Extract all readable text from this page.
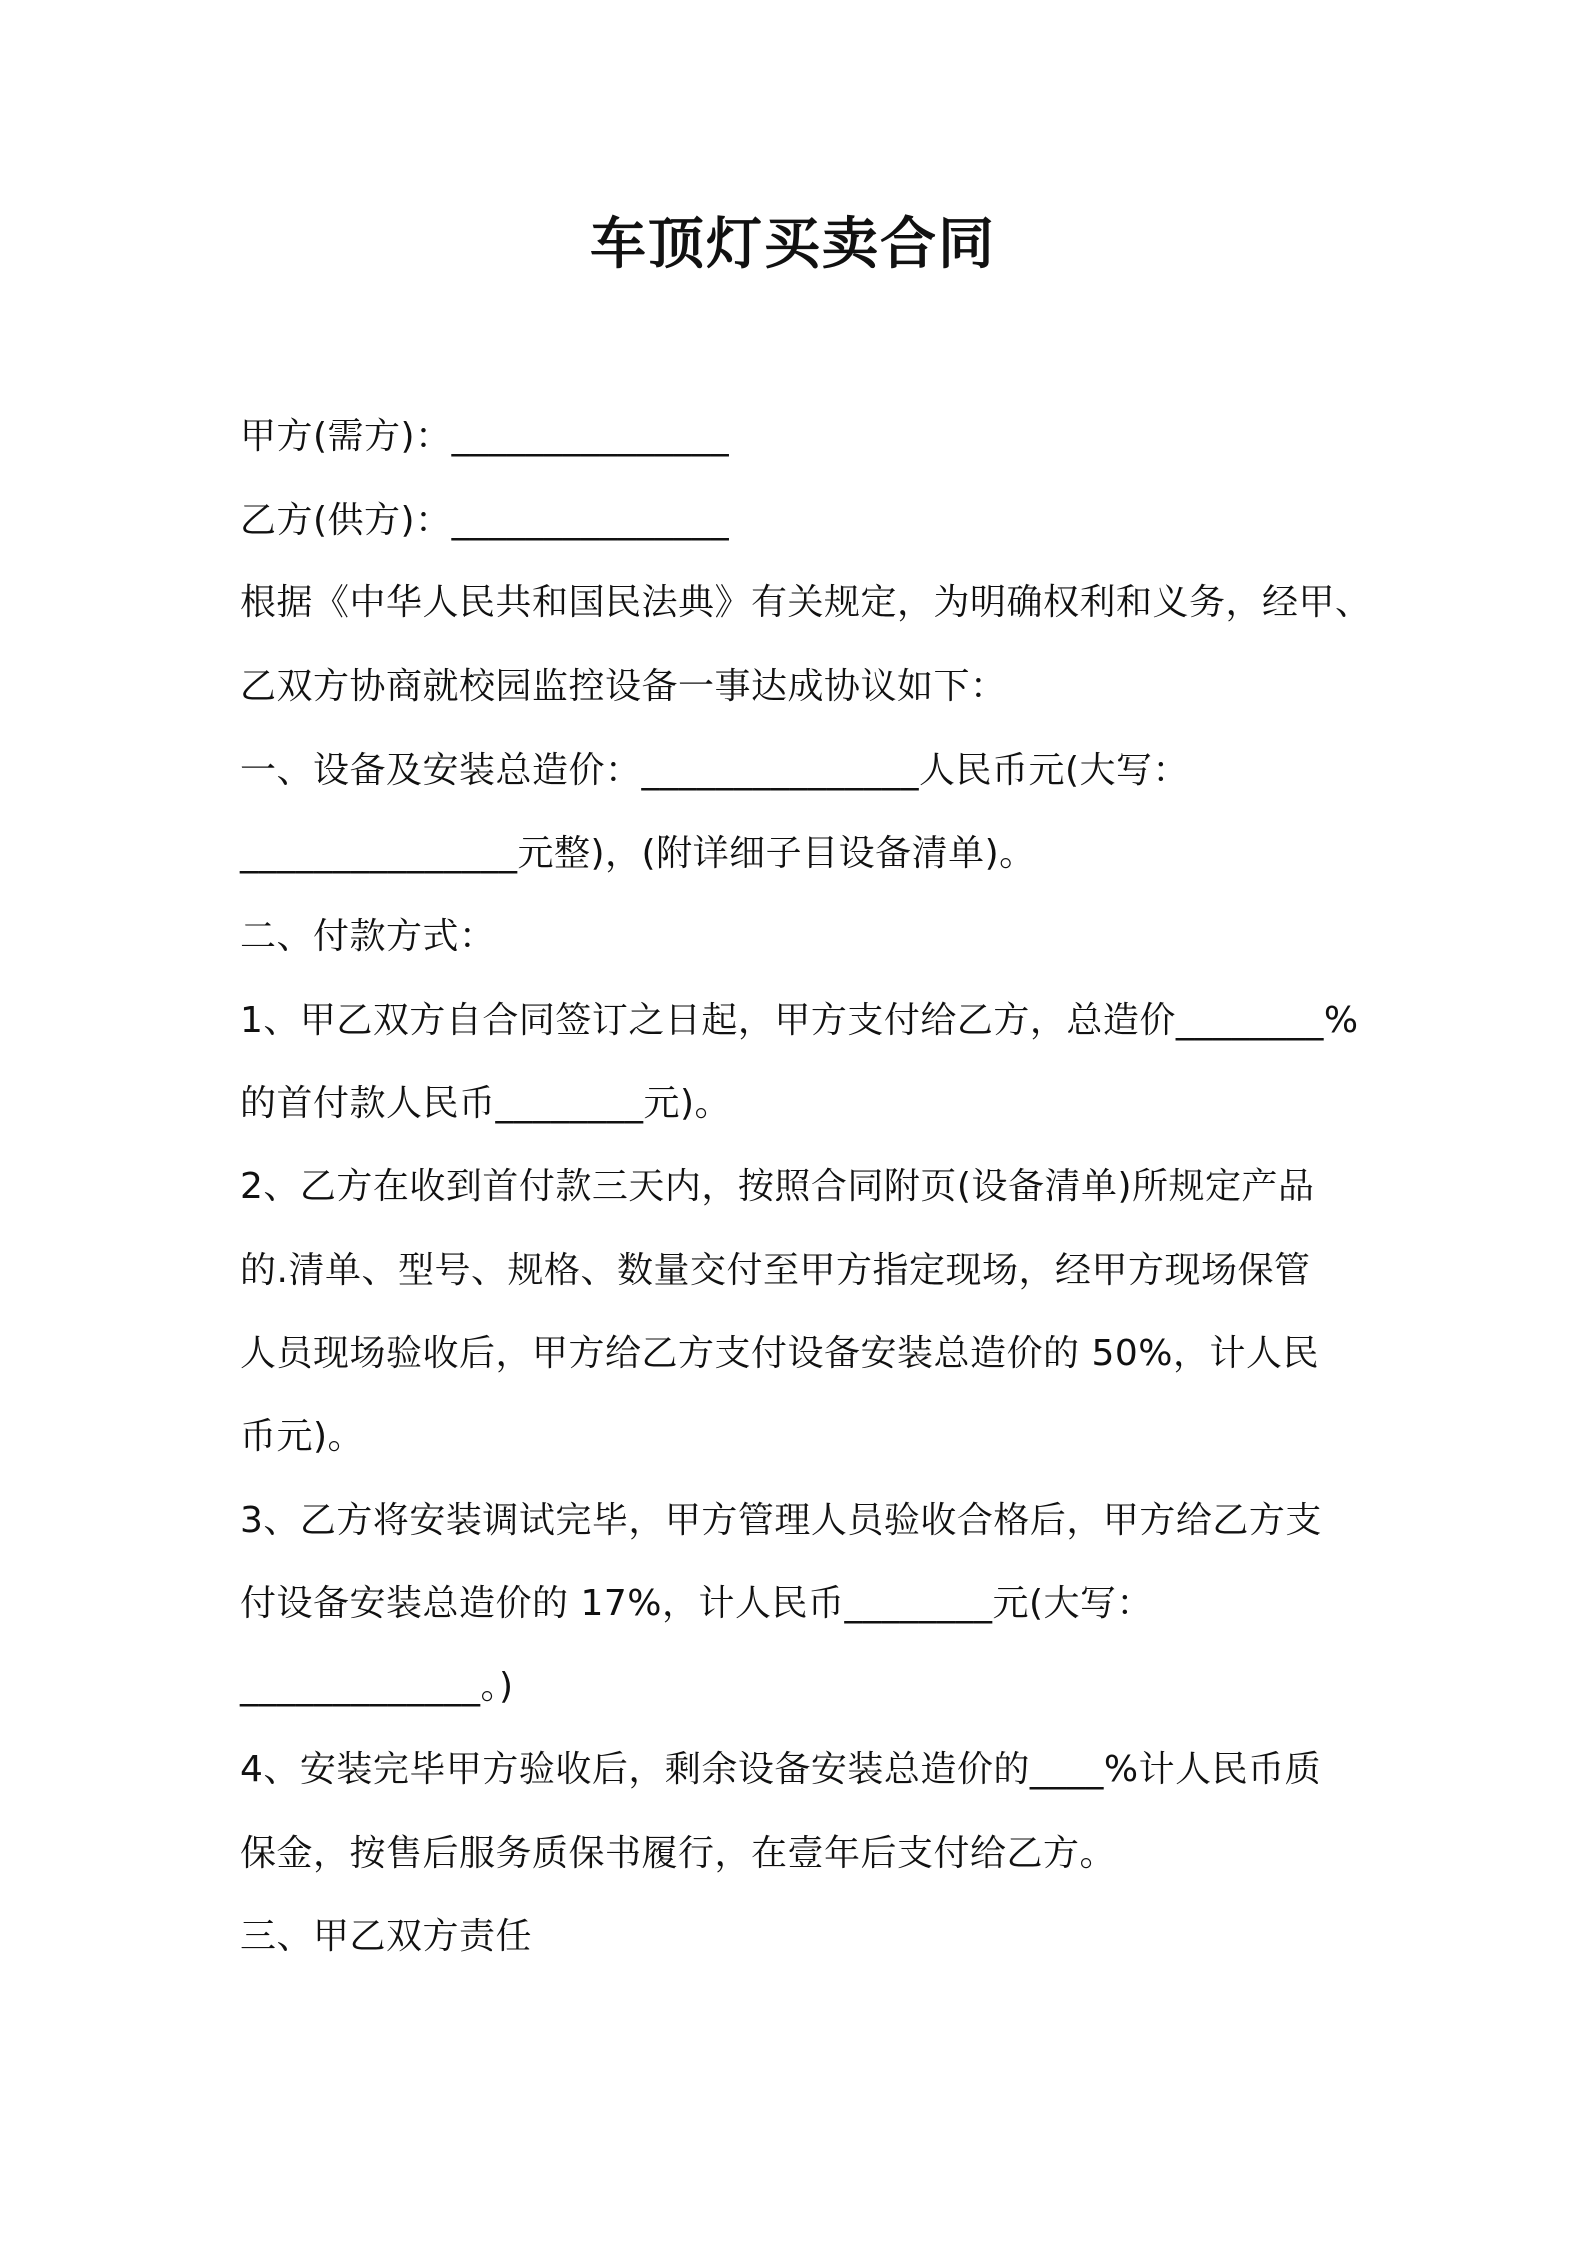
车顶灯买卖合同
甲方(需方)：_______________
乙方(供方)：_______________
根据《中华人民共和国民法典》有关规定，为明确权利和义务，经甲、
乙双方协商就校园监控设备一事达成协议如下：
一、设备及安装总造价：_______________人民币元(大写：
_______________元整)，(附详细子目设备清单)。
二、付款方式：
1、甲乙双方自合同签订之日起，甲方支付给乙方，总造价________%
的首付款人民币________元)。
2、乙方在收到首付款三天内，按照合同附页(设备清单)所规定产品
的.清单、型号、规格、数量交付至甲方指定现场，经甲方现场保管
人员现场验收后，甲方给乙方支付设备安装总造价的 50%，计人民
币元)。
3、乙方将安装调试完毕，甲方管理人员验收合格后，甲方给乙方支
付设备安装总造价的 17%，计人民币________元(大写：
_____________。)
4、安装完毕甲方验收后，剩余设备安装总造价的____%计人民币质
保金，按售后服务质保书履行，在壹年后支付给乙方。
三、甲乙双方责任
